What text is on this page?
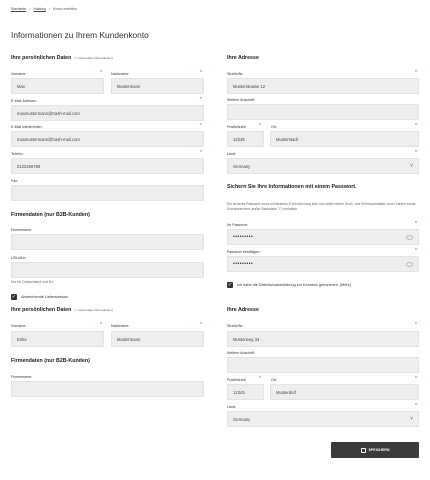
Startseite › Katalog › Konto erstellen
Informationen zu Ihrem Kundenkonto
Ihre persönlichen Daten (* notwendige Informationen)
Vorname:	*
Max
Nachname:	*
Mustermann
E-Mail-Adresse:	*
maxmustermann@trash-mail.com
E-Mail wiederholen:	*
maxmustermann@trash-mail.com
Telefon:	*
0123456789
Fax:
Firmendaten (nur B2B-Kunden)
Firmenname:
USt-IdNr.:
Nur für Deutschland und EU
✓ Abweichende Lieferadresse
Ihre persönlichen Daten (* notwendige Informationen)
Vorname:	*
Erika
Nachname:	*
Mustermann
Firmendaten (nur B2B-Kunden)
Firmenname:
Ihre Adresse
Straße/Nr.:	*
Musterstrasse 12
Weitere Anschrift:
Postleitzahl:	*
12345
Ort:	*
Musterstadt
Land:	*
Germany	˅
Sichern Sie Ihre Informationen mit einem Passwort.
Ein sicheres Passwort muss mindestens 8 Zeichen lang sein und sollte neben Groß- und Kleinbuchstaben auch Zahlen sowie Sonderzeichen (außer Backslash "\") enthalten.
Ihr Passwort:	*
•••••••••
Passwort bestätigen:	*
•••••••••
✓ Ich habe die Datenschutzerklärung zur Kenntnis genommen. [Mehr]
Ihre Adresse
Straße/Nr.:	*
Musterweg 34
Weitere Anschrift:
Postleitzahl:	*
12345
Ort:	*
Musterdorf
Land:	*
Germany	˅
SPEICHERN
